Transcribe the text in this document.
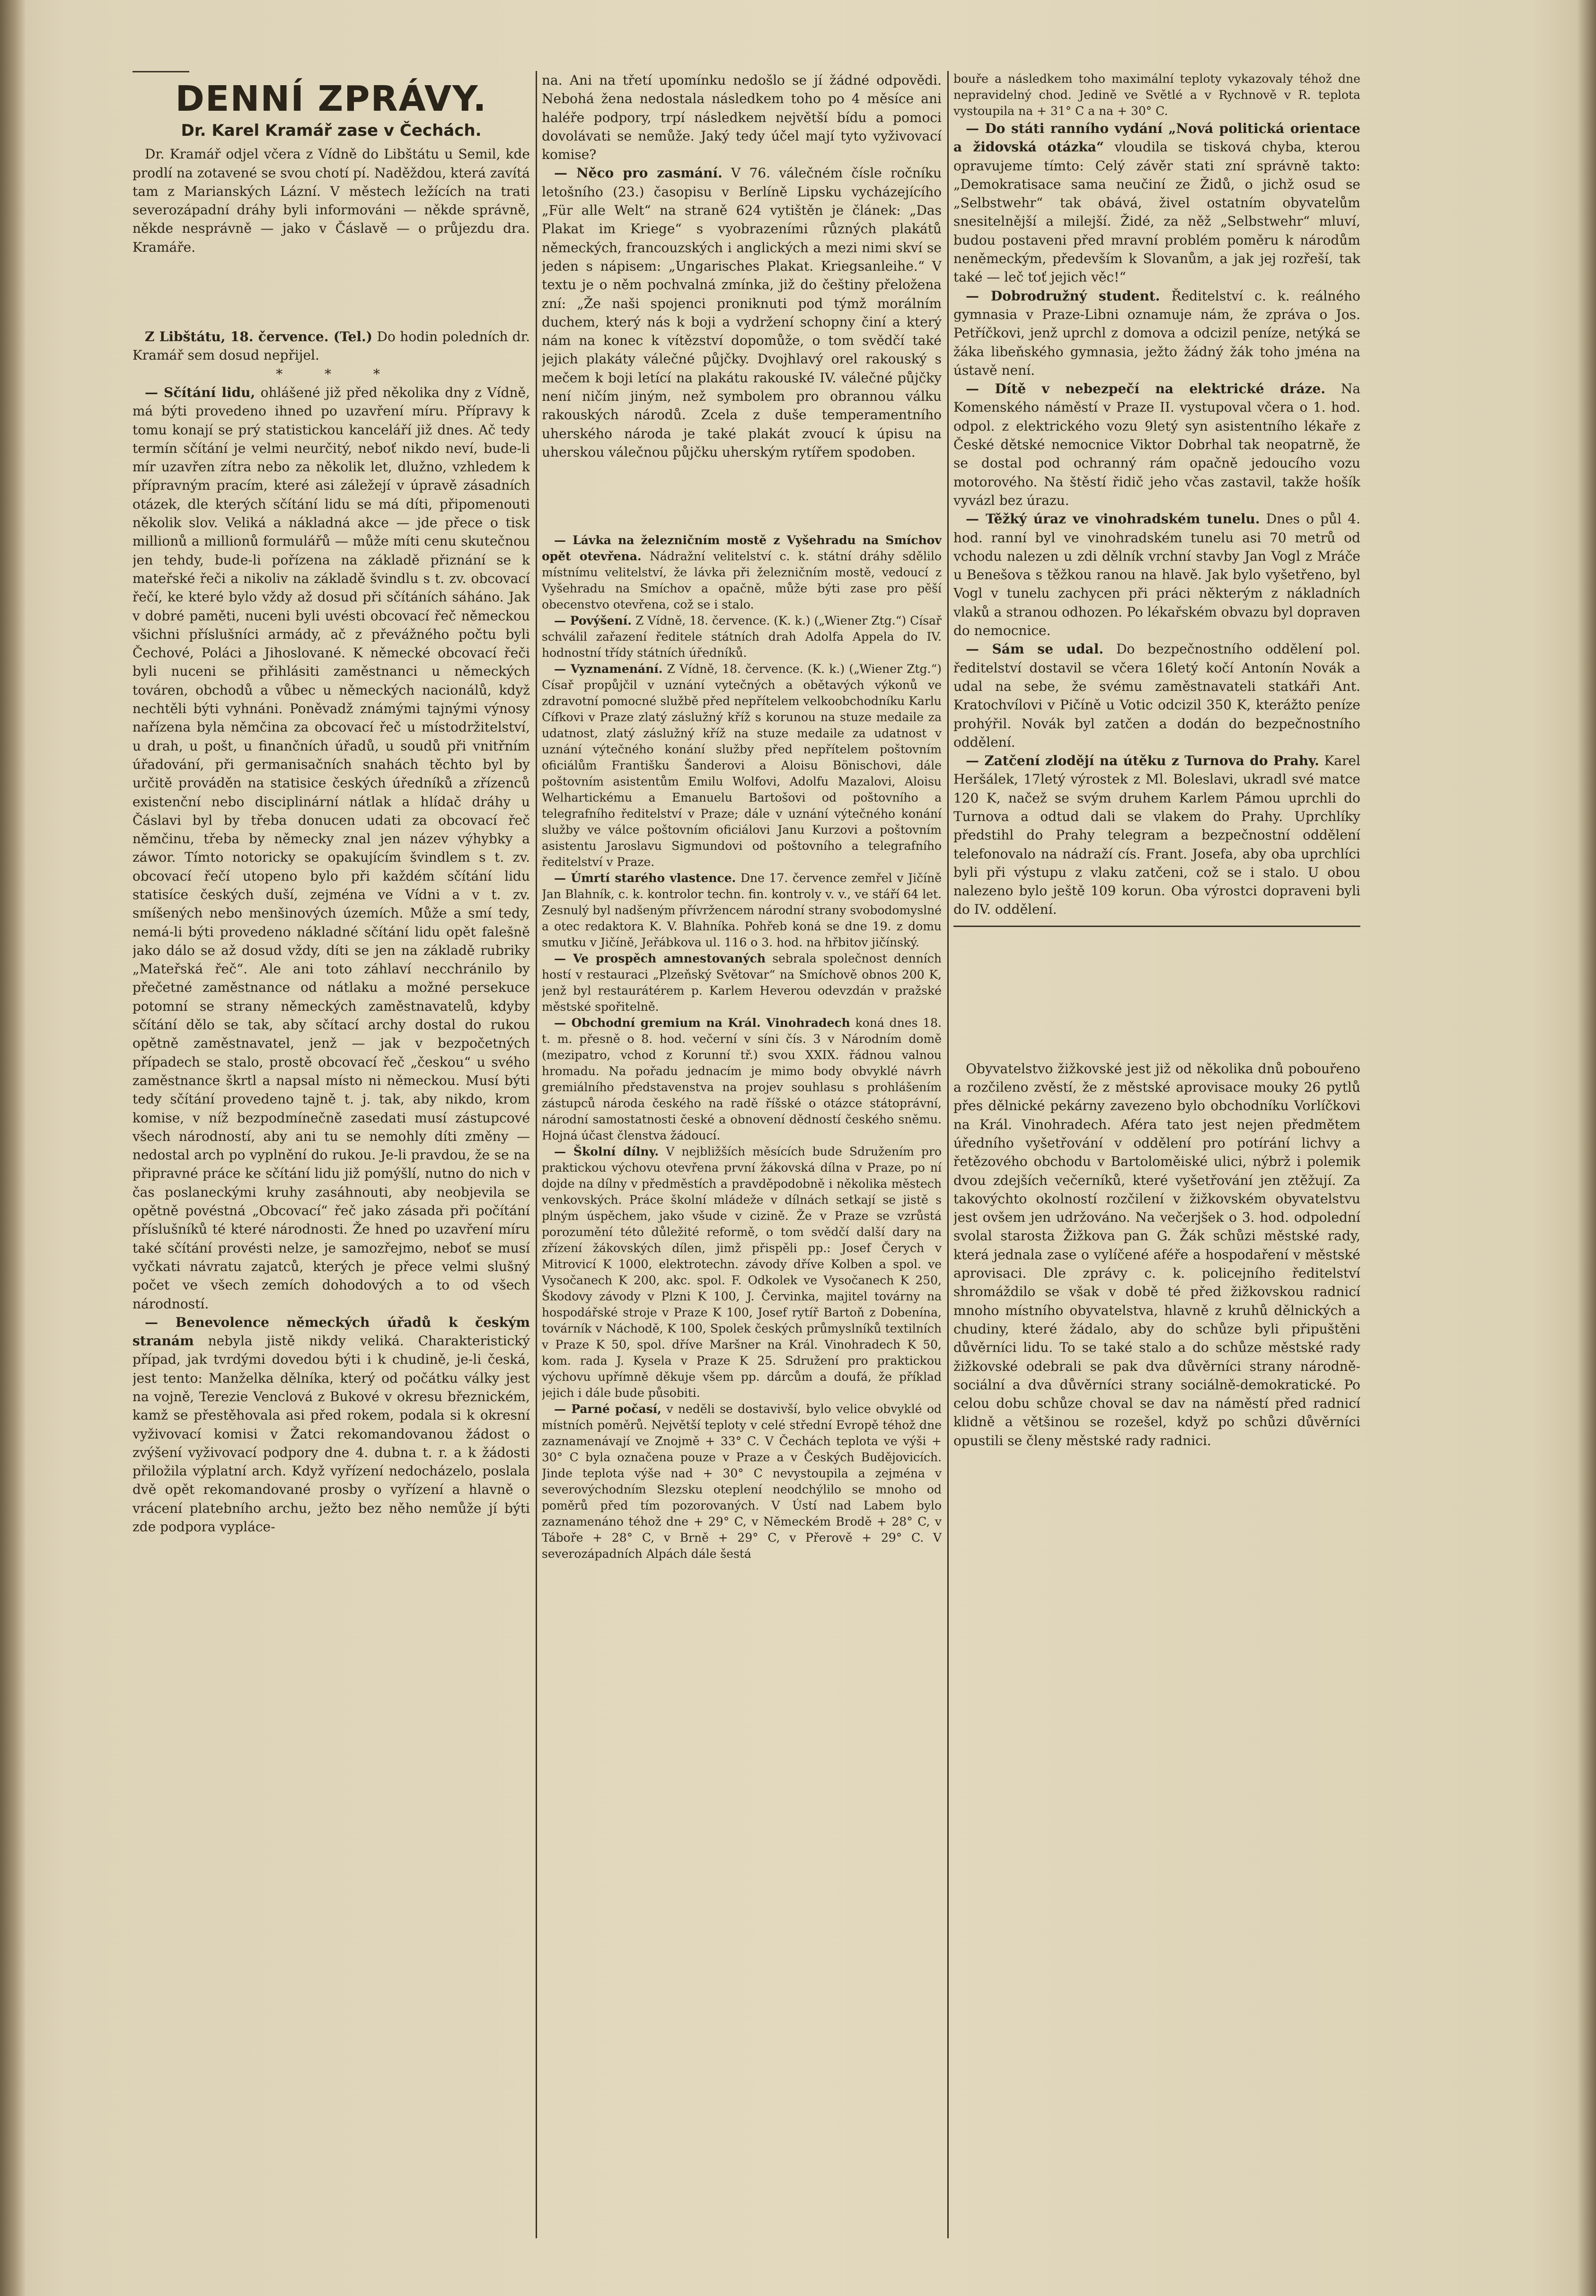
DENNÍ ZPRÁVY.
Dr. Karel Kramář zase v Čechách.

Dr. Kramář odjel včera z Vídně do Libštátu u Semil, kde prodlí na zotavené se svou chotí pí. Naděždou, která zavítá tam z Marianských Lázní. V městech ležících na trati severozápadní dráhy byli informováni — někde správně, někde nesprávně — jako v Čáslavě — o průjezdu dra. Kramáře.

Z Libštátu, 18. července. (Tel.) Do hodin poledních dr. Kramář sem dosud nepřijel.

* * *

— Sčítání lidu, ohlášené již před několika dny z Vídně, má býti provedeno ihned po uzavření míru. Přípravy k tomu konají se prý statistickou kanceláří již dnes. Ač tedy termín sčítání je velmi neurčitý, neboť nikdo neví, bude-li mír uzavřen zítra nebo za několik let, dlužno, vzhledem k přípravným pracím, které asi záležejí v úpravě zásadních otázek, dle kterých sčítání lidu se má díti, připomenouti několik slov. Veliká a nákladná akce — jde přece o tisk millionů a millionů formulářů — může míti cenu skutečnou jen tehdy, bude-li pořízena na základě přiznání se k mateřské řeči a nikoliv na základě švindlu s t. zv. obcovací řečí, ke které bylo vždy až dosud při sčítáních sáháno. Jak v dobré paměti, nuceni byli uvésti obcovací řeč německou všichni příslušníci armády, ač z převážného počtu byli Čechové, Poláci a Jihoslované. K německé obcovací řeči byli nuceni se přihlásiti zaměstnanci u německých továren, obchodů a vůbec u německých nacionálů, když nechtěli býti vyhnáni. Poněvadž známými tajnými výnosy nařízena byla němčina za obcovací řeč u místodržitelství, u drah, u pošt, u finančních úřadů, u soudů při vnitřním úřadování, při germanisačních snahách těchto byl by určitě prováděn na statisice českých úředníků a zřízenců existenční nebo disciplinární nátlak a hlídač dráhy u Čáslavi byl by třeba donucen udati za obcovací řeč němčinu, třeba by německy znal jen název výhybky a záwor. Tímto notoricky se opakujícím švindlem s t. zv. obcovací řečí utopeno bylo při každém sčítání lidu statisíce českých duší, zejména ve Vídni a v t. zv. smíšených nebo menšinových územích. Může a smí tedy, nemá-li býti provedeno nákladné sčítání lidu opět falešně jako dálo se až dosud vždy, díti se jen na základě rubriky „Mateřská řeč“. Ale ani toto záhlaví necchránilo by přečetné zaměstnance od nátlaku a možné persekuce potomní se strany německých zaměstnavatelů, kdyby sčítání dělo se tak, aby sčítací archy dostal do rukou opětně zaměstnavatel, jenž — jak v bezpočetných případech se stalo, prostě obcovací řeč „českou“ u svého zaměstnance škrtl a napsal místo ni německou. Musí býti tedy sčítání provedeno tajně t. j. tak, aby nikdo, krom komise, v níž bezpodmínečně zasedati musí zástupcové všech národností, aby ani tu se nemohly díti změny — nedostal arch po vyplnění do rukou. Je-li pravdou, že se na připravné práce ke sčítání lidu již pomýšlí, nutno do nich v čas poslaneckými kruhy zasáhnouti, aby neobjevila se opětně povéstná „Obcovací“ řeč jako zásada při počítání příslušníků té které národnosti. Že hned po uzavření míru také sčítání provésti nelze, je samozřejmo, neboť se musí vyčkati návratu zajatců, kterých je přece velmi slušný počet ve všech zemích dohodových a to od všech národností.

— Benevolence německých úřadů k českým stranám nebyla jistě nikdy veliká. Charakteristický případ, jak tvrdými dovedou býti i k chudině, je-li česká, jest tento: Manželka dělníka, který od počátku války jest na vojně, Terezie Venclová z Bukové v okresu březnickém, kamž se přestěhovala asi před rokem, podala si k okresní vyživovací komisi v Žatci rekomandovanou žádost o zvýšení vyživovací podpory dne 4. dubna t. r. a k žádosti přiložila výplatní arch. Když vyřízení nedocházelo, poslala dvě opět rekomandované prosby o vyřízení a hlavně o vrácení platebního archu, ježto bez něho nemůže jí býti zde podpora vypláce-

na. Ani na třetí upomínku nedošlo se jí žádné odpovědi. Nebohá žena nedostala následkem toho po 4 měsíce ani haléře podpory, trpí následkem největší bídu a pomoci dovolávati se nemůže. Jaký tedy účel mají tyto vyživovací komise?

— Něco pro zasmání. V 76. válečném čísle ročníku letošního (23.) časopisu v Berlíně Lipsku vycházejícího „Für alle Welt“ na straně 624 vytištěn je článek: „Das Plakat im Kriege“ s vyobrazeními různých plakátů německých, francouzských i anglických a mezi nimi skví se jeden s nápisem: „Ungarisches Plakat. Kriegsanleihe.“ V textu je o něm pochvalná zmínka, již do češtiny přeložena zní: „Že naši spojenci proniknuti pod týmž morálním duchem, který nás k boji a vydržení schopny činí a který nám na konec k vítězství dopomůže, o tom svědčí také jejich plakáty válečné půjčky. Dvojhlavý orel rakouský s mečem k boji letící na plakátu rakouské IV. válečné půjčky není ničím jiným, než symbolem pro obrannou válku rakouských národů. Zcela z duše temperamentního uherského národa je také plakát zvoucí k úpisu na uherskou válečnou půjčku uherským rytířem spodoben.

— Lávka na železničním mostě z Vyšehradu na Smíchov opět otevřena. Nádražní velitelství c. k. státní dráhy sdělilo místnímu velitelství, že lávka při železničním mostě, vedoucí z Vyšehradu na Smíchov a opačně, může býti zase pro pěší obecenstvo otevřena, což se i stalo.

— Povýšení. Z Vídně, 18. července. (K. k.) („Wiener Ztg.“) Císař schválil zařazení ředitele státních drah Adolfa Appela do IV. hodnostní třídy státních úředníků.

— Vyznamenání. Z Vídně, 18. července. (K. k.) („Wiener Ztg.“) Císař propůjčil v uznání vytečných a obětavých výkonů ve zdravotní pomocné službě před nepřítelem velkoobchodníku Karlu Cífkovi v Praze zlatý záslužný kříž s korunou na stuze medaile za udatnost, zlatý záslužný kříž na stuze medaile za udatnost v uznání výtečného konání služby před nepřítelem poštovním oficiálům Františku Šanderovi a Aloisu Bönischovi, dále poštovním asistentům Emilu Wolfovi, Adolfu Mazalovi, Aloisu Welhartickému a Emanuelu Bartošovi od poštovního a telegrafního ředitelství v Praze; dále v uznání výtečného konání služby ve válce poštovním oficiálovi Janu Kurzovi a poštovním asistentu Jaroslavu Sigmundovi od poštovního a telegrafního ředitelství v Praze.

— Úmrtí starého vlastence. Dne 17. července zemřel v Jičíně Jan Blahník, c. k. kontrolor techn. fin. kontroly v. v., ve stáří 64 let. Zesnulý byl nadšeným přívržencem národní strany svobodomyslné a otec redaktora K. V. Blahníka. Pohřeb koná se dne 19. z domu smutku v Jičíně, Jeřábkova ul. 116 o 3. hod. na hřbitov jičínský.

— Ve prospěch amnestovaných sebrala společnost denních hostí v restauraci „Plzeňský Světovar“ na Smíchově obnos 200 K, jenž byl restaurátérem p. Karlem Heverou odevzdán v pražské městské spořitelně.

— Obchodní gremium na Král. Vinohradech koná dnes 18. t. m. přesně o 8. hod. večerní v síni čís. 3 v Národním domě (mezipatro, vchod z Korunní tř.) svou XXIX. řádnou valnou hromadu. Na pořadu jednacím je mimo body obvyklé návrh gremiálního představenstva na projev souhlasu s prohlášením zástupců národa českého na radě říšské o otázce státoprávní, národní samostatnosti české a obnovení dědností českého sněmu. Hojná účast členstva žádoucí.

— Školní dílny. V nejbližších měsících bude Sdružením pro praktickou výchovu otevřena první žákovská dílna v Praze, po ní dojde na dílny v předměstích a pravděpodobně i několika městech venkovských. Práce školní mládeže v dílnách setkají se jistě s plným úspěchem, jako všude v cizině. Že v Praze se vzrůstá porozumění této důležité reformě, o tom svědčí další dary na zřízení žákovských dílen, jimž přispěli pp.: Josef Čerych v Mitrovicí K 1000, elektrotechn. závody dříve Kolben a spol. ve Vysočanech K 200, akc. spol. F. Odkolek ve Vysočanech K 250, Škodovy závody v Plzni K 100, J. Červinka, majitel továrny na hospodářské stroje v Praze K 100, Josef rytíř Bartoň z Dobenína, továrník v Náchodě, K 100, Spolek českých průmyslníků textilních v Praze K 50, spol. dříve Maršner na Král. Vinohradech K 50, kom. rada J. Kysela v Praze K 25. Sdružení pro praktickou výchovu upřímně děkuje všem pp. dárcům a doufá, že příklad jejich i dále bude působiti.

— Parné počasí, v neděli se dostavivší, bylo velice obvyklé od místních poměrů. Největší teploty v celé střední Evropě téhož dne zaznamenávají ve Znojmě + 33° C. V Čechách teplota ve výši + 30° C byla označena pouze v Praze a v Českých Budějovicích. Jinde teplota výše nad + 30° C nevystoupila a zejména v severovýchodním Slezsku oteplení neodchýlilo se mnoho od poměrů před tím pozorovaných. V Ústí nad Labem bylo zaznamenáno téhož dne + 29° C, v Německém Brodě + 28° C, v Táboře + 28° C, v Brně + 29° C, v Přerově + 29° C. V severozápadních Alpách dále šestá

bouře a následkem toho maximální teploty vykazovaly téhož dne nepravidelný chod. Jedině ve Světlé a v Rychnově v R. teplota vystoupila na + 31° C a na + 30° C.

— Do státi ranního vydání „Nová politická orientace a židovská otázka“ vloudila se tisková chyba, kterou opravujeme tímto: Celý závěr stati zní správně takto: „Demokratisace sama neučiní ze Židů, o jichž osud se „Selbstwehr“ tak obává, živel ostatním obyvatelům snesitelnější a milejší. Židé, za něž „Selbstwehr“ mluví, budou postaveni před mravní problém poměru k národům neněmeckým, především k Slovanům, a jak jej rozřeší, tak také — leč toť jejich věc!“

— Dobrodružný student. Ředitelství c. k. reálného gymnasia v Praze-Libni oznamuje nám, že zpráva o Jos. Petříčkovi, jenž uprchl z domova a odcizil peníze, netýká se žáka libeňského gymnasia, ježto žádný žák toho jména na ústavě není.

— Dítě v nebezpečí na elektrické dráze. Na Komenského náměstí v Praze II. vystupoval včera o 1. hod. odpol. z elektrického vozu 9letý syn asistentního lékaře z České dětské nemocnice Viktor Dobrhal tak neopatrně, že se dostal pod ochranný rám opačně jedoucího vozu motorového. Na štěstí řidič jeho včas zastavil, takže hošík vyvázl bez úrazu.

— Těžký úraz ve vinohradském tunelu. Dnes o půl 4. hod. ranní byl ve vinohradském tunelu asi 70 metrů od vchodu nalezen u zdi dělník vrchní stavby Jan Vogl z Mráče u Benešova s těžkou ranou na hlavě. Jak bylo vyšetřeno, byl Vogl v tunelu zachycen při práci některým z nákladních vlaků a stranou odhozen. Po lékařském obvazu byl dopraven do nemocnice.

— Sám se udal. Do bezpečnostního oddělení pol. ředitelství dostavil se včera 16letý kočí Antonín Novák a udal na sebe, že svému zaměstnavateli statkáři Ant. Kratochvílovi v Pičíně u Votic odcizil 350 K, kterážto peníze prohýřil. Novák byl zatčen a dodán do bezpečnostního oddělení.

— Zatčení zlodějí na útěku z Turnova do Prahy. Karel Heršálek, 17letý výrostek z Ml. Boleslavi, ukradl své matce 120 K, načež se svým druhem Karlem Pámou uprchli do Turnova a odtud dali se vlakem do Prahy. Uprchlíky předstihl do Prahy telegram a bezpečnostní oddělení telefonovalo na nádraží cís. Frant. Josefa, aby oba uprchlíci byli při výstupu z vlaku zatčeni, což se i stalo. U obou nalezeno bylo ještě 109 korun. Oba výrostci dopraveni byli do IV. oddělení.

Obyvatelstvo žižkovské jest již od několika dnů pobouřeno a rozčileno zvěstí, že z městské aprovisace mouky 26 pytlů přes dělnické pekárny zavezeno bylo obchodníku Vorlíčkovi na Král. Vinohradech. Aféra tato jest nejen předmětem úředního vyšetřování v oddělení pro potírání lichvy a řetězového obchodu v Bartoloměiské ulici, nýbrž i polemik dvou zdejších večerníků, které vyšetřování jen ztěžují. Za takovýchto okolností rozčilení v žižkovském obyvatelstvu jest ovšem jen udržováno. Na večerjšek o 3. hod. odpolední svolal starosta Žižkova pan G. Žák schůzi městské rady, která jednala zase o vylíčené aféře a hospodaření v městské aprovisaci. Dle zprávy c. k. policejního ředitelství shromáždilo se však v době té před žižkovskou radnicí mnoho místního obyvatelstva, hlavně z kruhů dělnických a chudiny, které žádalo, aby do schůze byli připuštěni důvěrníci lidu. To se také stalo a do schůze městské rady žižkovské odebrali se pak dva důvěrníci strany národně-sociální a dva důvěrníci strany sociálně-demokratické. Po celou dobu schůze choval se dav na náměstí před radnicí klidně a většinou se rozešel, když po schůzi důvěrníci opustili se členy městské rady radnici.
